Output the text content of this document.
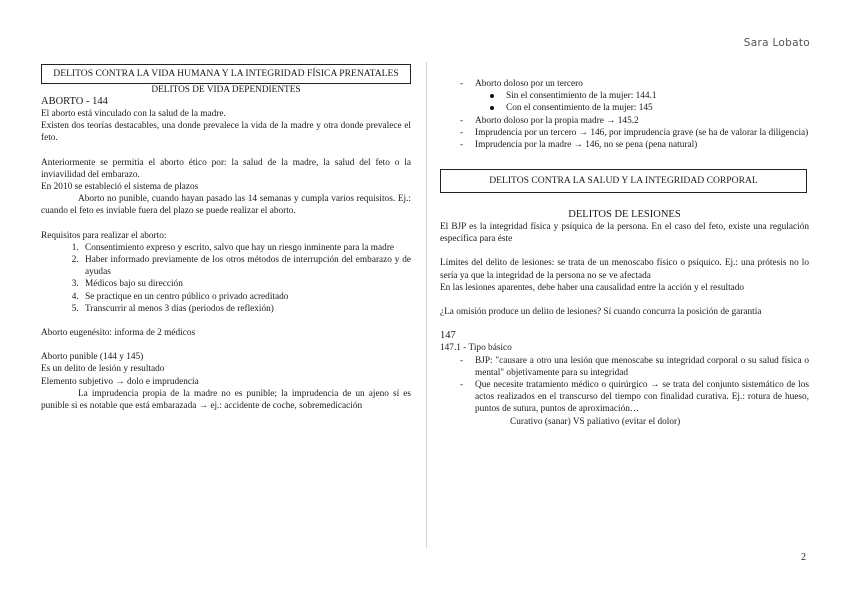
Sara Lobato
DELITOS CONTRA LA VIDA HUMANA Y LA INTEGRIDAD FÍSICA PRENATALES

DELITOS DE VIDA DEPENDIENTES

ABORTO - 144

El aborto está vinculado con la salud de la madre.

Existen dos teorías destacables, una donde prevalece la vida de la madre y otra donde prevalece el feto.

Anteriormente se permitía el aborto ético por: la salud de la madre, la salud del feto o la inviavilidad del embarazo.

En 2010 se estableció el sistema de plazos

Aborto no punible, cuando hayan pasado las 14 semanas y cumpla varios requisitos. Ej.: cuando el feto es inviable fuera del plazo se puede realizar el aborto.

Requisitos para realizar el aborto:

1. Consentimiento expreso y escrito, salvo que hay un riesgo inminente para la madre
2. Haber informado previamente de los otros métodos de interrupción del embarazo y de ayudas
3. Médicos bajo su dirección
4. Se practique en un centro público o privado acreditado
5. Transcurrir al menos 3 días (periodos de reflexión)

Aborto eugenésito: informa de 2 médicos

Aborto punible (144 y 145)

Es un delito de lesión y resultado

Elemento subjetivo → dolo e imprudencia

La imprudencia propia de la madre no es punible; la imprudencia de un ajeno sí es punible si es notable que está embarazada → ej.: accidente de coche, sobremedicación

- Aborto doloso por un tercero
Sin el consentimiento de la mujer: 144.1
Con el consentimiento de la mujer: 145
- Aborto doloso por la propia madre → 145.2
- Imprudencia por un tercero → 146, por imprudencia grave (se ha de valorar la diligencia)
- Imprudencia por la madre → 146, no se pena (pena natural)
DELITOS CONTRA LA SALUD Y LA INTEGRIDAD CORPORAL

DELITOS DE LESIONES

El BJP es la integridad física y psíquica de la persona. En el caso del feto, existe una regulación específica para éste

Límites del delito de lesiones: se trata de un menoscabo físico o psíquico. Ej.: una prótesis no lo sería ya que la integridad de la persona no se ve afectada

En las lesiones aparentes, debe haber una causalidad entre la acción y el resultado

¿La omisión produce un delito de lesiones? Sí cuando concurra la posición de garantía

147

147.1 - Tipo básico

- BJP: "causare a otro una lesión que menoscabe su integridad corporal o su salud física o mental" objetivamente para su integridad
- Que necesite tratamiento médico o quirúrgico → se trata del conjunto sistemático de los actos realizados en el transcurso del tiempo con finalidad curativa. Ej.: rotura de hueso, puntos de sutura, puntos de aproximación…

Curativo (sanar) VS paliativo (evitar el dolor)

2
